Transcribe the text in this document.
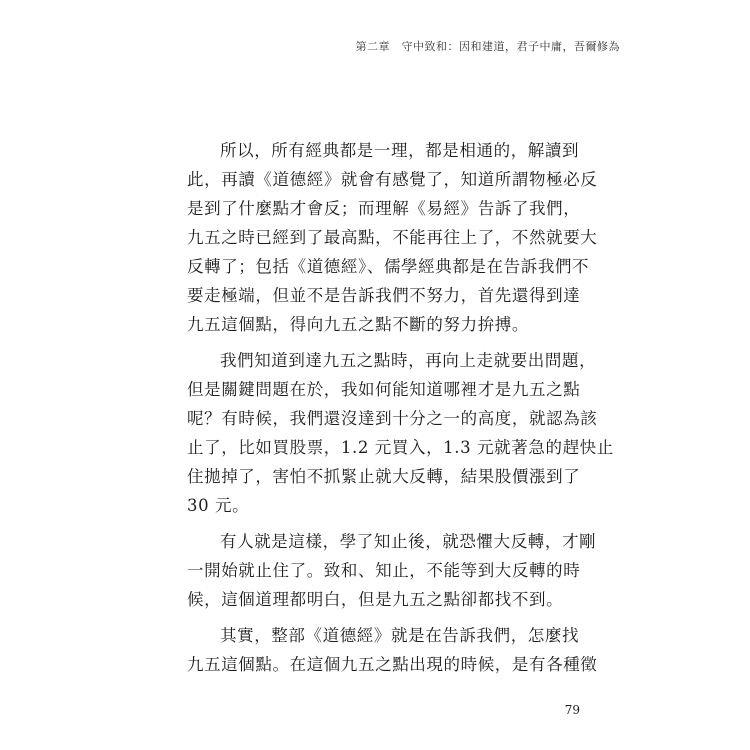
第二章　守中致和：因和建道，君子中庸，吾爾修為
所以，所有經典都是一理，都是相通的，解讀到
此，再讀《道德經》就會有感覺了，知道所謂物極必反
是到了什麼點才會反；而理解《易經》告訴了我們，
九五之時已經到了最高點，不能再往上了，不然就要大
反轉了；包括《道德經》、儒學經典都是在告訴我們不
要走極端，但並不是告訴我們不努力，首先還得到達
九五這個點，得向九五之點不斷的努力拚搏。
我們知道到達九五之點時，再向上走就要出問題，
但是關鍵問題在於，我如何能知道哪裡才是九五之點
呢？有時候，我們還沒達到十分之一的高度，就認為該
止了，比如買股票，1.2 元買入，1.3 元就著急的趕快止
住拋掉了，害怕不抓緊止就大反轉，結果股價漲到了
30 元。
有人就是這樣，學了知止後，就恐懼大反轉，才剛
一開始就止住了。致和、知止，不能等到大反轉的時
候，這個道理都明白，但是九五之點卻都找不到。
其實，整部《道德經》就是在告訴我們，怎麼找
九五這個點。在這個九五之點出現的時候，是有各種徵
79
